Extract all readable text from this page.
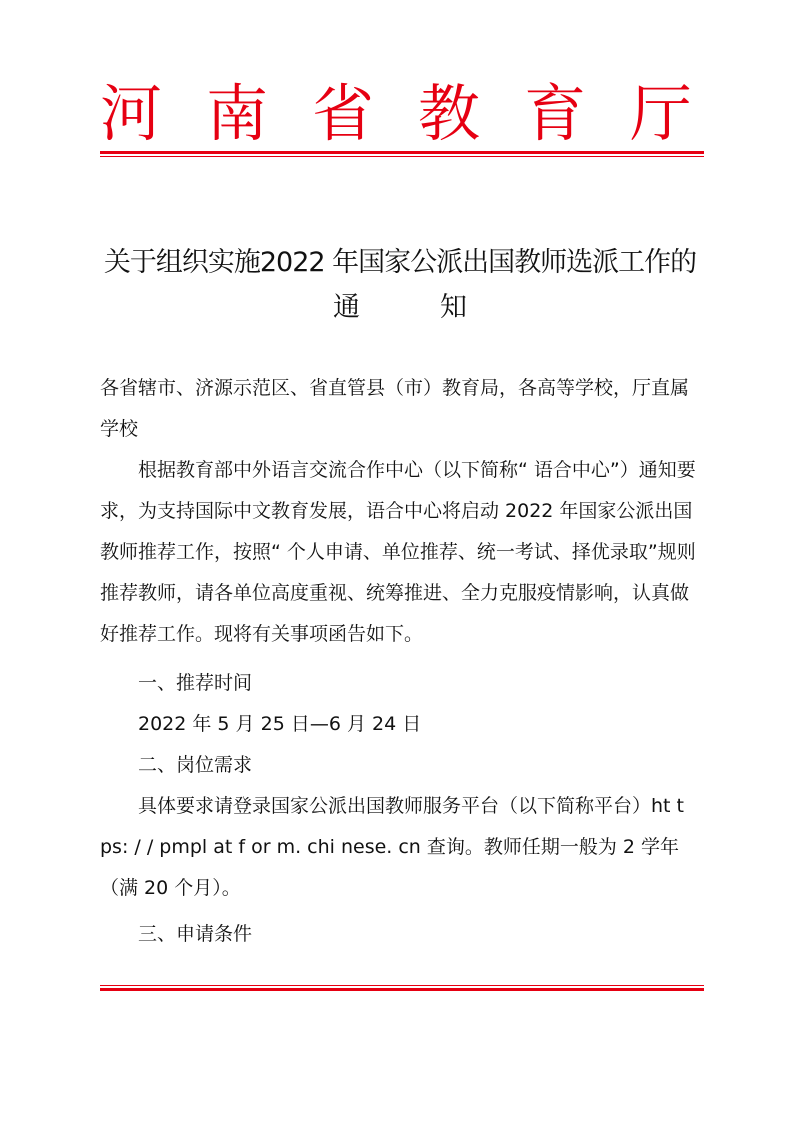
河 南 省 教 育 厅
关于组织实施2022 年国家公派出国教师选派工作的
通	知
各省辖市、济源示范区、省直管县（市）教育局，各高等学校，厅直属学校
根据教育部中外语言交流合作中心（以下简称“ 语合中心”）通知要求，为支持国际中文教育发展，语合中心将启动 2022 年国家公派出国教师推荐工作，按照“ 个人申请、单位推荐、统一考试、择优录取”规则推荐教师，请各单位高度重视、统筹推进、全力克服疫情影响，认真做好推荐工作。现将有关事项函告如下。
一、推荐时间
2022 年 5 月 25 日—6 月 24 日
二、岗位需求
具体要求请登录国家公派出国教师服务平台（以下简称平台）ht t ps: / / pmpl at f or m. chi nese. cn 查询。教师任期一般为 2 学年（满 20 个月）。
三、申请条件
